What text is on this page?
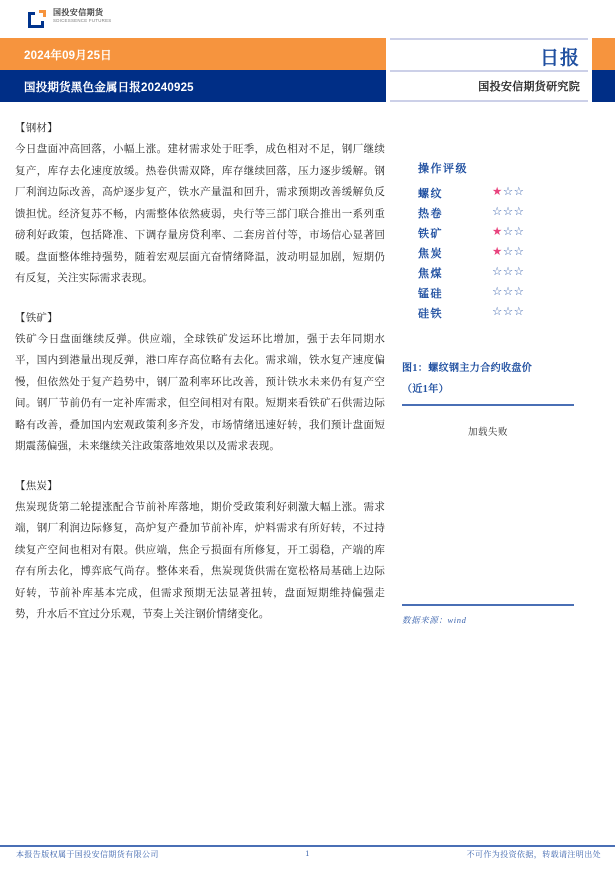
国投安信期货
SDICESSENCE FUTURES
2024年09月25日
国投期货黑色金属日报20240925
日报
国投安信期货研究院
【钢材】
今日盘面冲高回落，小幅上涨。建材需求处于旺季，成色相对不足，钢厂继续复产，库存去化速度放缓。热卷供需双降，库存继续回落，压力逐步缓解。钢厂利润边际改善，高炉逐步复产，铁水产量温和回升，需求预期改善缓解负反馈担忧。经济复苏不畅，内需整体依然疲弱，央行等三部门联合推出一系列重磅利好政策，包括降准、下调存量房贷利率、二套房首付等，市场信心显著回暖。盘面整体维持强势，随着宏观层面亢奋情绪降温，波动明显加剧，短期仍有反复，关注实际需求表现。
【铁矿】
铁矿今日盘面继续反弹。供应端，全球铁矿发运环比增加，强于去年同期水平，国内到港量出现反弹，港口库存高位略有去化。需求端，铁水复产速度偏慢，但依然处于复产趋势中，钢厂盈利率环比改善，预计铁水未来仍有复产空间。钢厂节前仍有一定补库需求，但空间相对有限。短期来看铁矿石供需边际略有改善，叠加国内宏观政策利多齐发，市场情绪迅速好转，我们预计盘面短期震荡偏强，未来继续关注政策落地效果以及需求表现。
【焦炭】
焦炭现货第二轮提涨配合节前补库落地，期价受政策利好刺激大幅上涨。需求端，钢厂利润边际修复，高炉复产叠加节前补库，炉料需求有所好转，不过持续复产空间也相对有限。供应端，焦企亏损面有所修复，开工弱稳，产端的库存有所去化，博弈底气尚存。整体来看，焦炭现货供需在宽松格局基础上边际好转，节前补库基本完成，但需求预期无法显著扭转，盘面短期维持偏强走势，升水后不宜过分乐观，节奏上关注钢价情绪变化。
操作评级
螺纹	★☆☆
热卷	☆☆☆
铁矿	★☆☆
焦炭	★☆☆
焦煤	☆☆☆
锰硅	☆☆☆
硅铁	☆☆☆
图1：螺纹钢主力合约收盘价
（近1年）
加载失败
数据来源：wind
本报告版权属于国投安信期货有限公司	1	不可作为投资依据，转载请注明出处
